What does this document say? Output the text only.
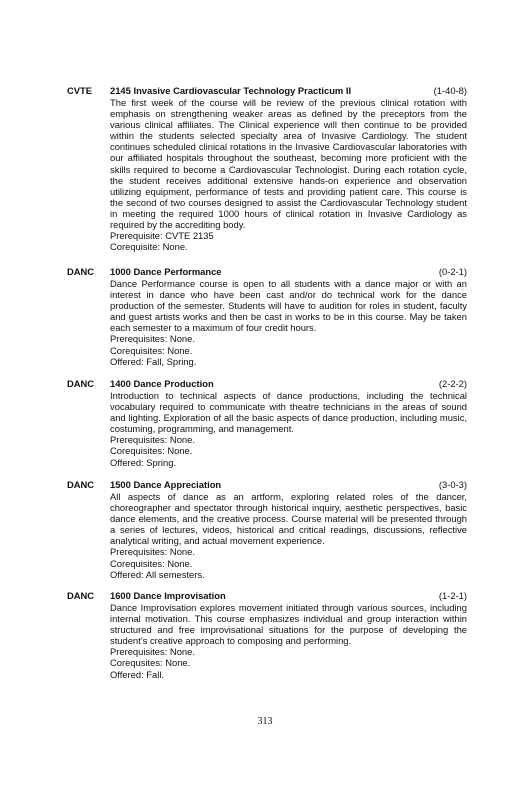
CVTE 2145 Invasive Cardiovascular Technology Practicum II	(1-40-8)
The first week of the course will be review of the previous clinical rotation with emphasis on strengthening weaker areas as defined by the preceptors from the various clinical affiliates. The Clinical experience will then continue to be provided within the students selected specialty area of Invasive Cardiology. The student continues scheduled clinical rotations in the Invasive Cardiovascular laboratories with our affiliated hospitals throughout the southeast, becoming more proficient with the skills required to become a Cardiovascular Technologist. During each rotation cycle, the student receives additional extensive hands-on experience and observation utilizing equipment, performance of tests and providing patient care. This course is the second of two courses designed to assist the Cardiovascular Technology student in meeting the required 1000 hours of clinical rotation in Invasive Cardiology as required by the accrediting body.
Prerequisite: CVTE 2135
Corequisite: None.
DANC 1000 Dance Performance	(0-2-1)
Dance Performance course is open to all students with a dance major or with an interest in dance who have been cast and/or do technical work for the dance production of the semester. Students will have to audition for roles in student, faculty and guest artists works and then be cast in works to be in this course. May be taken each semester to a maximum of four credit hours.
Prerequisites: None.
Corequisites: None.
Offered: Fall, Spring.
DANC 1400 Dance Production	(2-2-2)
Introduction to technical aspects of dance productions, including the technical vocabulary required to communicate with theatre technicians in the areas of sound and lighting. Exploration of all the basic aspects of dance production, including music, costuming, programming, and management.
Prerequisites: None.
Corequisites: None.
Offered: Spring.
DANC 1500 Dance Appreciation	(3-0-3)
All aspects of dance as an artform, exploring related roles of the dancer, choreographer and spectator through historical inquiry, aesthetic perspectives, basic dance elements, and the creative process. Course material will be presented through a series of lectures, videos, historical and critical readings, discussions, reflective analytical writing, and actual movement experience.
Prerequisites: None.
Corequisites: None.
Offered: All semesters.
DANC 1600 Dance Improvisation	(1-2-1)
Dance Improvisation explores movement initiated through various sources, including internal motivation. This course emphasizes individual and group interaction within structured and free improvisational situations for the purpose of developing the student’s creative approach to composing and performing.
Prerequisites: None.
Corequsites: None.
Offered: Fall.
313
